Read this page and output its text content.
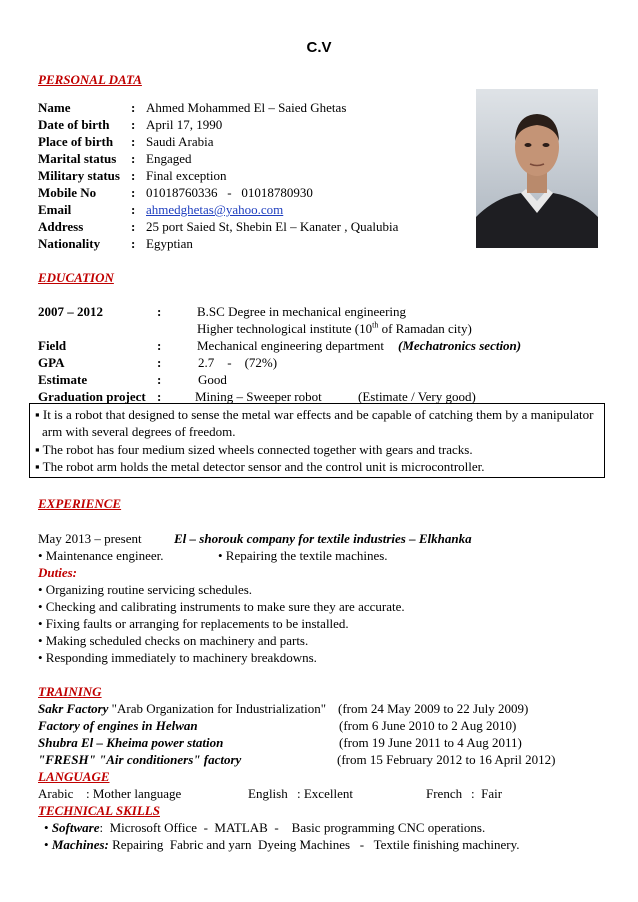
C.V
PERSONAL DATA
Name	: Ahmed Mohammed El – Saied Ghetas
Date of birth : April 17, 1990
Place of birth : Saudi Arabia
Marital status : Engaged
Military status : Final exception
Mobile No	: 01018760336   -   01018780930
Email	: ahmedghetas@yahoo.com
Address	: 25 port Saied St, Shebin El – Kanater , Qualubia
Nationality : Egyptian
EDUCATION
2007 – 2012	:	B.SC Degree in mechanical engineering
Higher technological institute (10th of Ramadan city)
Field	:	Mechanical engineering department (Mechatronics section)
GPA	:	2.7    -    (72%)
Estimate	:	Good
Graduation project :	Mining – Sweeper robot	(Estimate / Very good)
▪ It is a robot that designed to sense the metal war effects and be capable of catching them by a manipulator
arm with several degrees of freedom.
▪ The robot has four medium sized wheels connected together with gears and tracks.
▪ The robot arm holds the metal detector sensor and the control unit is microcontroller.
EXPERIENCE
May 2013 – present El – shorouk company for textile industries – Elkhanka
• Maintenance engineer.	• Repairing the textile machines.
Duties:
• Organizing routine servicing schedules.
• Checking and calibrating instruments to make sure they are accurate.
• Fixing faults or arranging for replacements to be installed.
• Making scheduled checks on machinery and parts.
• Responding immediately to machinery breakdowns.
TRAINING
Sakr Factory "Arab Organization for Industrialization" (from 24 May 2009 to 22 July 2009)
Factory of engines in Helwan	(from 6 June 2010 to 2 Aug 2010)
Shubra El – Kheima power station	(from 19 June 2011 to 4 Aug 2011)
"FRESH" "Air conditioners" factory	(from 15 February 2012 to 16 April 2012)
LANGUAGE
Arabic : Mother language	English : Excellent	French :  Fair
TECHNICAL SKILLS
• Software:  Microsoft Office  -  MATLAB  -    Basic programming CNC operations.
• Machines: Repairing  Fabric and yarn  Dyeing Machines   -   Textile finishing machinery.
